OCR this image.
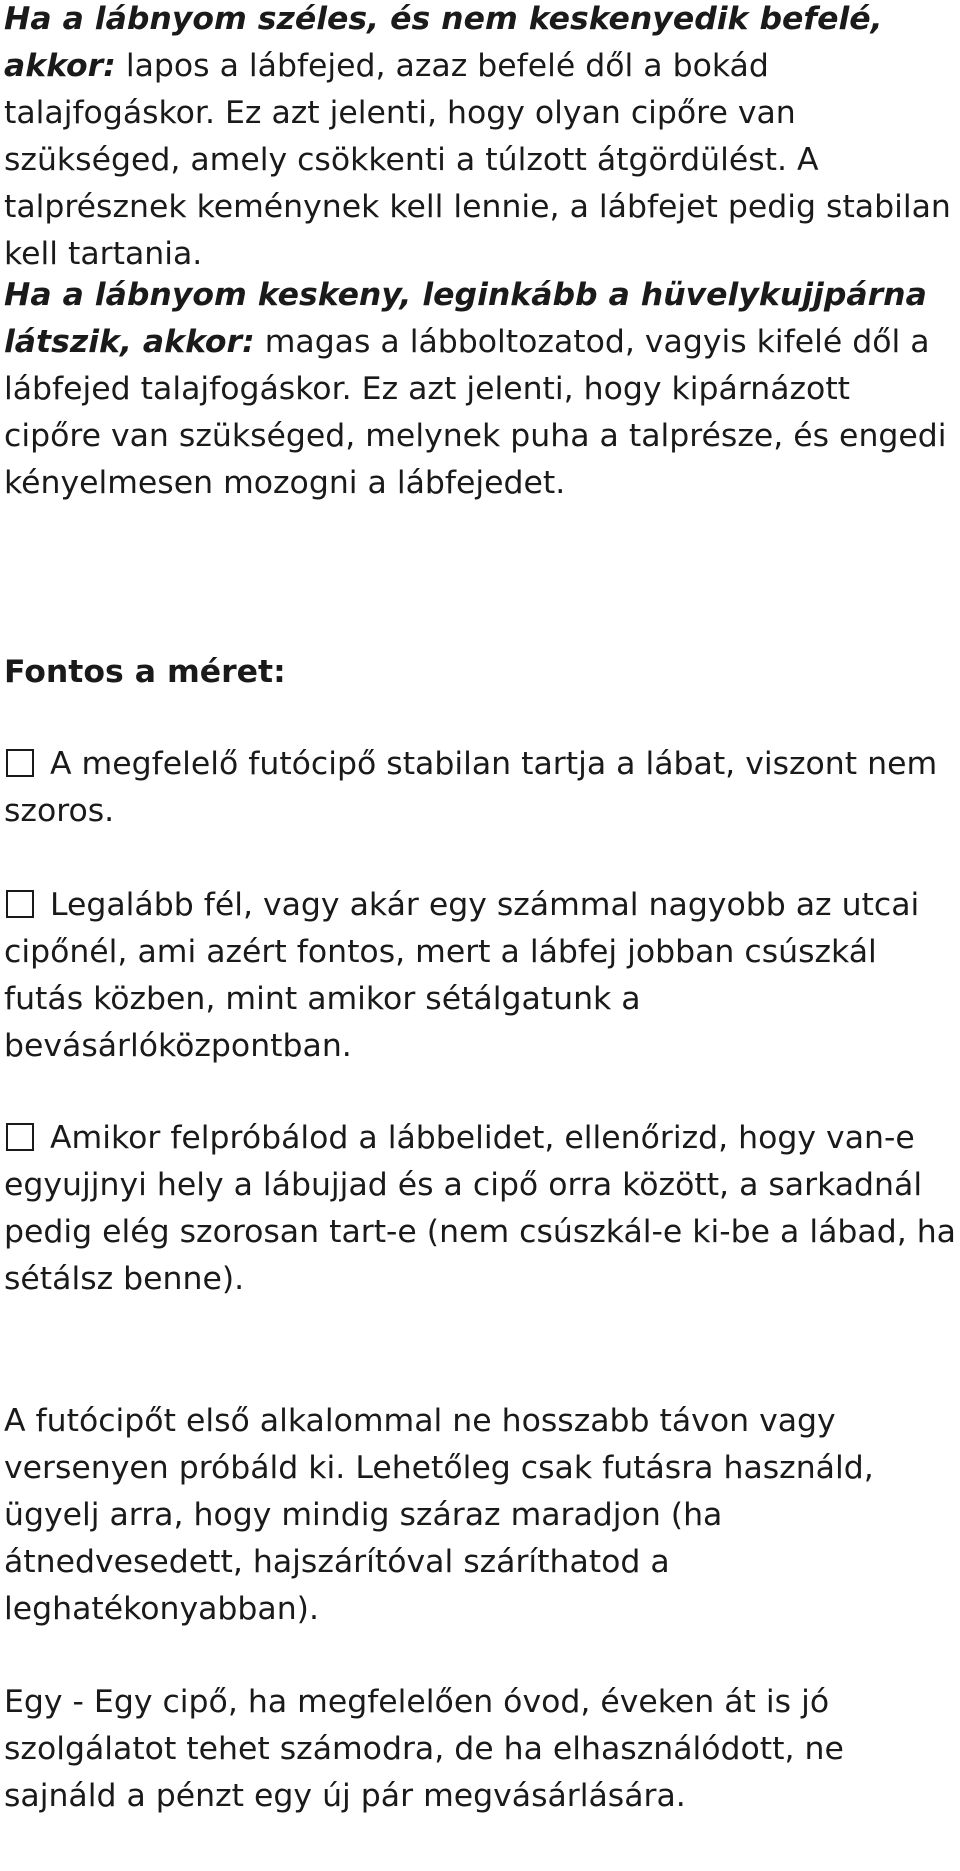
Ha a lábnyom széles, és nem keskenyedik befelé, akkor: lapos a lábfejed, azaz befelé dől a bokád talajfogáskor. Ez azt jelenti, hogy olyan cipőre van szükséged, amely csökkenti a túlzott átgördülést. A talprésznek keménynek kell lennie, a lábfejet pedig stabilan kell tartania.

Ha a lábnyom keskeny, leginkább a hüvelykujjpárna látszik, akkor: magas a lábboltozatod, vagyis kifelé dől a lábfejed talajfogáskor. Ez azt jelenti, hogy kipárnázott cipőre van szükséged, melynek puha a talprésze, és engedi kényelmesen mozogni a lábfejedet.

Fontos a méret:

A megfelelő futócipő stabilan tartja a lábat, viszont nem szoros.

Legalább fél, vagy akár egy számmal nagyobb az utcai cipőnél, ami azért fontos, mert a lábfej jobban csúszkál futás közben, mint amikor sétálgatunk a bevásárlóközpontban.

Amikor felpróbálod a lábbelidet, ellenőrizd, hogy van-e egyujjnyi hely a lábujjad és a cipő orra között, a sarkadnál pedig elég szorosan tart-e (nem csúszkál-e ki-be a lábad, ha sétálsz benne).

A futócipőt első alkalommal ne hosszabb távon vagy versenyen próbáld ki. Lehetőleg csak futásra használd, ügyelj arra, hogy mindig száraz maradjon (ha átnedvesedett, hajszárítóval száríthatod a leghatékonyabban).

Egy - Egy cipő, ha megfelelően óvod, éveken át is jó szolgálatot tehet számodra, de ha elhasználódott, ne sajnáld a pénzt egy új pár megvásárlására.
